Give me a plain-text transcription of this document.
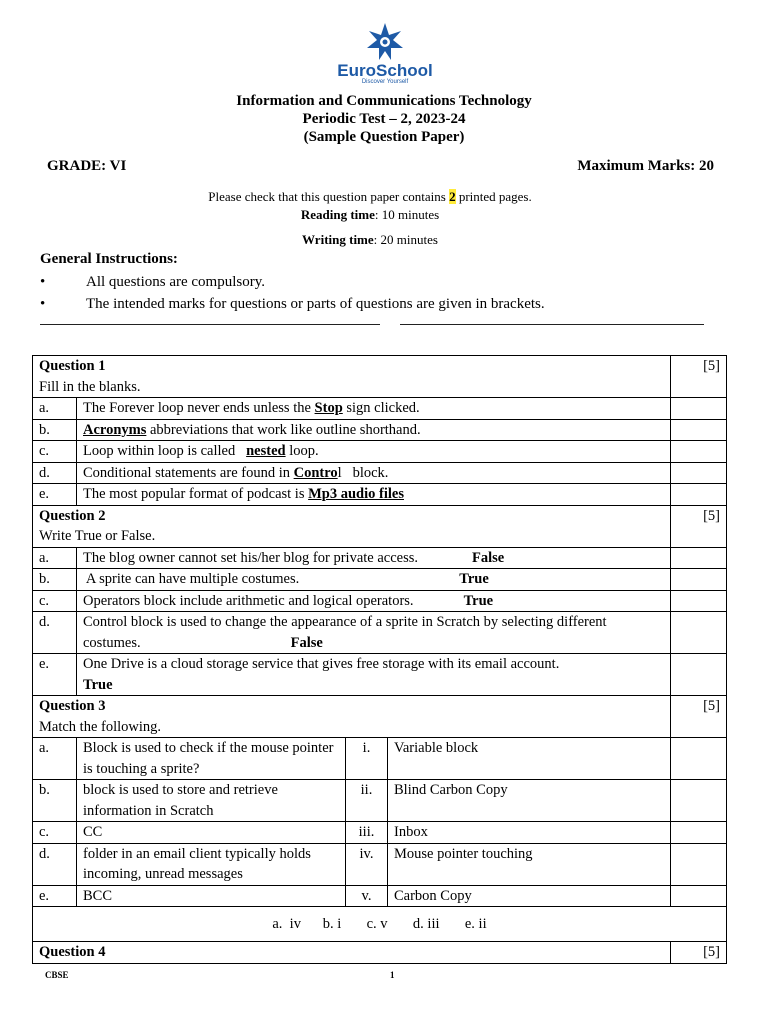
EuroSchool
Discover Yourself
Information and Communications Technology
Periodic Test – 2, 2023-24
(Sample Question Paper)
GRADE: VI	Maximum Marks: 20
Please check that this question paper contains 2 printed pages.
Reading time: 10 minutes
Writing time: 20 minutes
General Instructions:
•	All questions are compulsory.
•	The intended marks for questions or parts of questions are given in brackets.
Question 1
Fill in the blanks.				[5]
a.	The Forever loop never ends unless the Stop sign clicked.			
b.	Acronyms abbreviations that work like outline shorthand.			
c.	Loop within loop is called   nested loop.			
d.	Conditional statements are found in Control   block.			
e.	The most popular format of podcast is Mp3 audio files			
Question 2
Write True or False.				[5]
a.	The blog owner cannot set his/her blog for private access. False			
b.	A sprite can have multiple costumes. True			
c.	Operators block include arithmetic and logical operators. True			
d.	Control block is used to change the appearance of a sprite in Scratch by selecting different costumes. False			
e.	One Drive is a cloud storage service that gives free storage with its email account.
True			
Question 3
Match the following.				[5]
a.	Block is used to check if the mouse pointer is touching a sprite?	i.	Variable block	
b.	block is used to store and retrieve information in Scratch	ii.	Blind Carbon Copy	
c.	CC	iii.	Inbox	
d.	folder in an email client typically holds incoming, unread messages	iv.	Mouse pointer touching	
e.	BCC	v.	Carbon Copy	
a.  iv      b. i       c. v       d. iii       e. ii				
Question 4				[5]
CBSE	1
